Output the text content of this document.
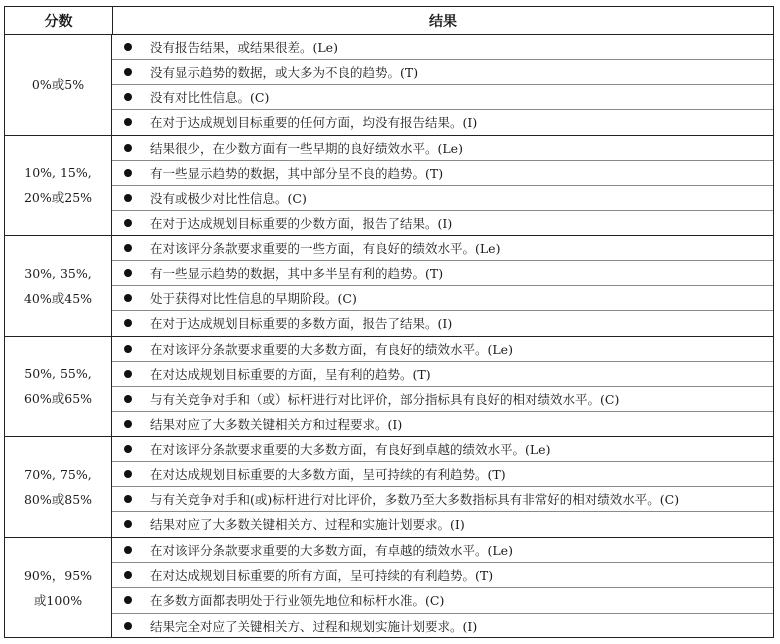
分数	结果
0%或5%
没有报告结果，或结果很差。(Le)
没有显示趋势的数据，或大多为不良的趋势。(T)
没有对比性信息。(C)
在对于达成规划目标重要的任何方面，均没有报告结果。(I)
10%, 15%,
20%或25%
结果很少，在少数方面有一些早期的良好绩效水平。(Le)
有一些显示趋势的数据，其中部分呈不良的趋势。(T)
没有或极少对比性信息。(C)
在对于达成规划目标重要的少数方面，报告了结果。(I)
30%, 35%,
40%或45%
在对该评分条款要求重要的一些方面，有良好的绩效水平。(Le)
有一些显示趋势的数据，其中多半呈有利的趋势。(T)
处于获得对比性信息的早期阶段。(C)
在对于达成规划目标重要的多数方面，报告了结果。(I)
50%, 55%,
60%或65%
在对该评分条款要求重要的大多数方面，有良好的绩效水平。(Le)
在对达成规划目标重要的方面，呈有利的趋势。(T)
与有关竞争对手和（或）标杆进行对比评价，部分指标具有良好的相对绩效水平。(C)
结果对应了大多数关键相关方和过程要求。(I)
70%, 75%,
80%或85%
在对该评分条款要求重要的大多数方面，有良好到卓越的绩效水平。(Le)
在对达成规划目标重要的大多数方面，呈可持续的有利趋势。(T)
与有关竞争对手和(或)标杆进行对比评价，多数乃至大多数指标具有非常好的相对绩效水平。(C)
结果对应了大多数关键相关方、过程和实施计划要求。(I)
90%，95%
或100%
在对该评分条款要求重要的大多数方面，有卓越的绩效水平。(Le)
在对达成规划目标重要的所有方面，呈可持续的有利趋势。(T)
在多数方面都表明处于行业领先地位和标杆水准。(C)
结果完全对应了关键相关方、过程和规划实施计划要求。(I)
